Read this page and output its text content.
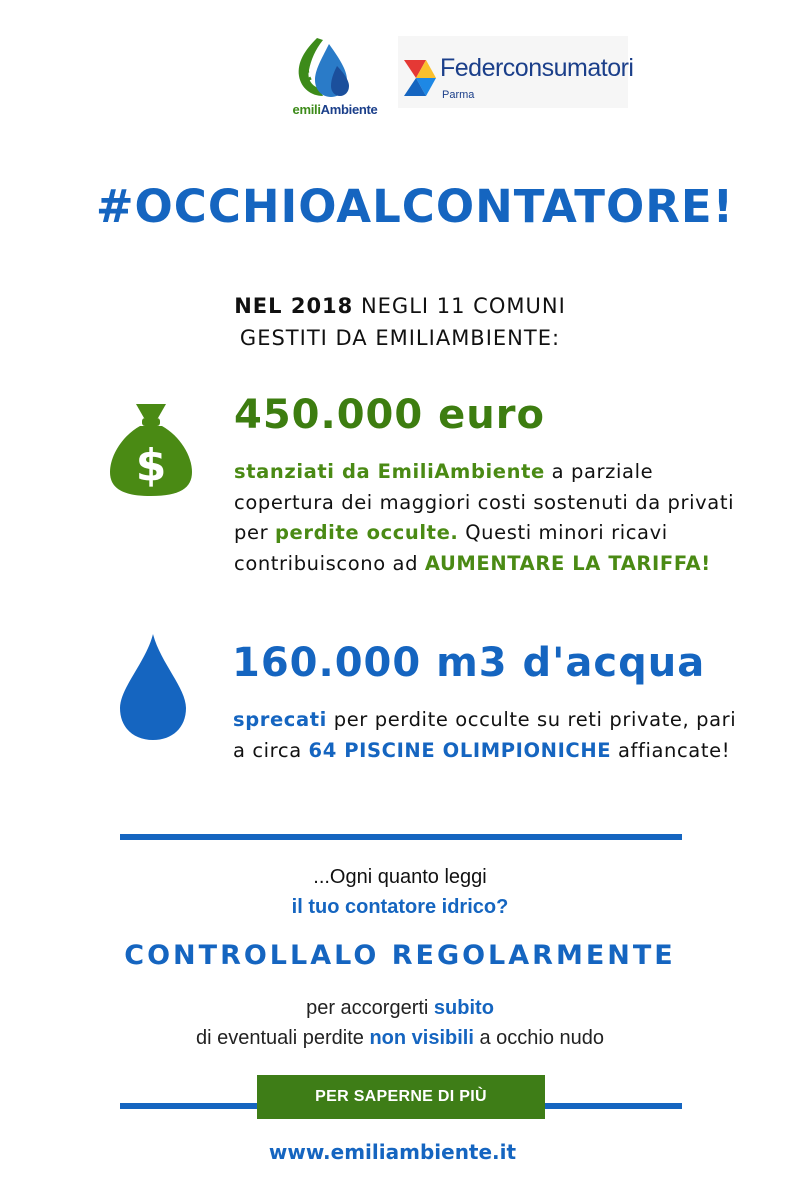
emiliAmbiente
Federconsumatori
Parma
#OCCHIOALCONTATORE!
NEL 2018 NEGLI 11 COMUNI
GESTITI DA EMILIAMBIENTE:
$
450.000 euro
stanziati da EmiliAmbiente a parziale copertura dei maggiori costi sostenuti da privati per perdite occulte. Questi minori ricavi contribuiscono ad AUMENTARE LA TARIFFA!
160.000 m3 d'acqua
sprecati per perdite occulte su reti private, pari a circa 64 PISCINE OLIMPIONICHE affiancate!
...Ogni quanto leggi
il tuo contatore idrico?
CONTROLLALO REGOLARMENTE
per accorgerti subito
di eventuali perdite non visibili a occhio nudo
PER SAPERNE DI PIÙ
www.emiliambiente.it
